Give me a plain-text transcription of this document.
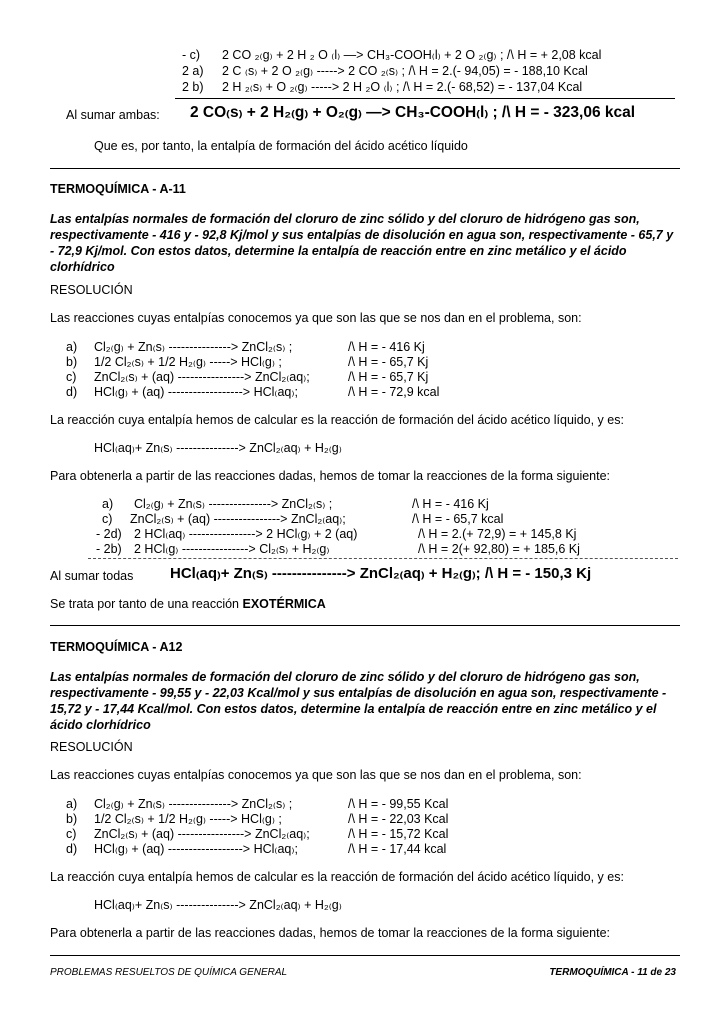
- c) 2 CO ₂₍g₎ + 2 H ₂ O ₍l₎ —> CH₃-COOH₍l₎ + 2 O ₂₍g₎ ; /\ H = + 2,08 kcal
2 a) 2 C ₍s₎ + 2 O ₂₍g₎ -----> 2 CO ₂₍s₎ ; /\ H = 2.(- 94,05) = - 188,10 Kcal
2 b) 2 H ₂₍s₎ + O ₂₍g₎ -----> 2 H ₂O ₍l₎ ; /\ H = 2.(- 68,52) = - 137,04 Kcal
Al sumar ambas: 2 CO₍s₎ + 2 H₂₍g₎ + O₂₍g₎ —> CH₃-COOH₍l₎ ; /\ H = - 323,06 kcal
Que es, por tanto, la entalpía de formación del ácido acético líquido
TERMOQUÍMICA - A-11
Las entalpías normales de formación del cloruro de zinc sólido y del cloruro de hidrógeno gas son, respectivamente - 416 y - 92,8 Kj/mol y sus entalpías de disolución en agua son, respectivamente - 65,7 y - 72,9 Kj/mol. Con estos datos, determine la entalpía de reacción entre en zinc metálico y el ácido clorhídrico
RESOLUCIÓN
Las reacciones cuyas entalpías conocemos ya que son las que se nos dan en el problema, son:
a) Cl₂₍g₎ + Zn₍s₎ ---------------> ZnCl₂₍s₎ ;	/\ H = - 416 Kj
b) 1/2 Cl₂₍s₎ + 1/2 H₂₍g₎ -----> HCl₍g₎ ;	/\ H = - 65,7 Kj
c) ZnCl₂₍s₎ + (aq) ----------------> ZnCl₂₍aq₎;	/\ H = - 65,7 Kj
d) HCl₍g₎ + (aq) ------------------> HCl₍aq₎;	/\ H = - 72,9 kcal
La reacción cuya entalpía hemos de calcular es la reacción de formación del ácido acético líquido, y es:
HCl₍aq₎+ Zn₍s₎ ---------------> ZnCl₂₍aq₎ + H₂₍g₎
Para obtenerla a partir de las reacciones dadas, hemos de tomar la reacciones de la forma siguiente:
a) Cl₂₍g₎ + Zn₍s₎ ---------------> ZnCl₂₍s₎ ;	/\ H = - 416 Kj
c) ZnCl₂₍s₎ + (aq) ----------------> ZnCl₂₍aq₎;	/\ H = - 65,7 kcal
- 2d) 2 HCl₍aq₎ ----------------> 2 HCl₍g₎ + 2 (aq)	/\ H = 2.(+ 72,9) = + 145,8 Kj
- 2b) 2 HCl₍g₎ ----------------> Cl₂₍s₎ + H₂₍g₎	/\ H = 2(+ 92,80) = + 185,6 Kj
Al sumar todas HCl₍aq₎+ Zn₍s₎ ---------------> ZnCl₂₍aq₎ + H₂₍g₎; /\ H = - 150,3 Kj
Se trata por tanto de una reacción EXOTÉRMICA
TERMOQUÍMICA - A12
Las entalpías normales de formación del cloruro de zinc sólido y del cloruro de hidrógeno gas son, respectivamente - 99,55 y - 22,03 Kcal/mol y sus entalpías de disolución en agua son, respectivamente - 15,72 y - 17,44 Kcal/mol. Con estos datos, determine la entalpía de reacción entre en zinc metálico y el ácido clorhídrico
RESOLUCIÓN
Las reacciones cuyas entalpías conocemos ya que son las que se nos dan en el problema, son:
a) Cl₂₍g₎ + Zn₍s₎ ---------------> ZnCl₂₍s₎ ;	/\ H = - 99,55 Kcal
b) 1/2 Cl₂₍s₎ + 1/2 H₂₍g₎ -----> HCl₍g₎ ;	/\ H = - 22,03 Kcal
c) ZnCl₂₍s₎ + (aq) ----------------> ZnCl₂₍aq₎;	/\ H = - 15,72 Kcal
d) HCl₍g₎ + (aq) ------------------> HCl₍aq₎;	/\ H = - 17,44 kcal
La reacción cuya entalpía hemos de calcular es la reacción de formación del ácido acético líquido, y es:
HCl₍aq₎+ Zn₍s₎ ---------------> ZnCl₂₍aq₎ + H₂₍g₎
Para obtenerla a partir de las reacciones dadas, hemos de tomar la reacciones de la forma siguiente:
PROBLEMAS RESUELTOS DE QUÍMICA GENERAL	TERMOQUÍMICA - 11 de 23
